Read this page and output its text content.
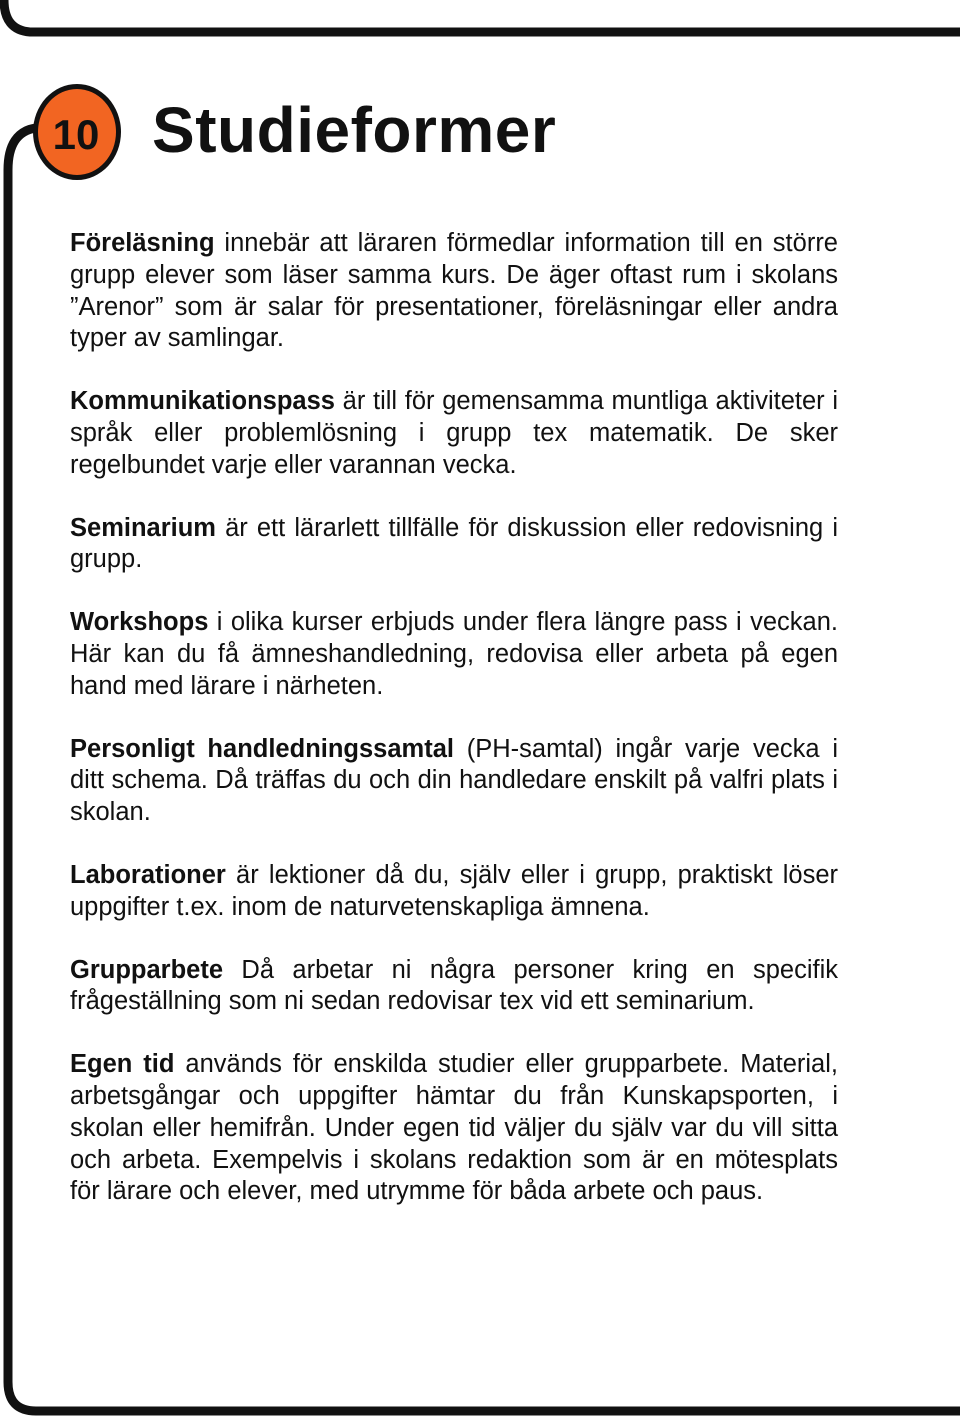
10 Studieformer

Föreläsning innebär att läraren förmedlar information till en större grupp elever som läser samma kurs. De äger oftast rum i skolans ”Arenor” som är salar för presentationer, föreläsningar eller andra typer av samlingar.

Kommunikationspass är till för gemensamma muntliga aktiviteter i språk eller problemlösning i grupp tex matematik. De sker regelbundet varje eller varannan vecka.

Seminarium är ett lärarlett tillfälle för diskussion eller redovisning i grupp.

Workshops i olika kurser erbjuds under flera längre pass i veckan. Här kan du få ämneshandledning, redovisa eller arbeta på egen hand med lärare i närheten.

Personligt handledningssamtal (PH-samtal) ingår varje vecka i ditt schema. Då träffas du och din handledare enskilt på valfri plats i skolan.

Laborationer är lektioner då du, själv eller i grupp, praktiskt löser uppgifter t.ex. inom de naturvetenskapliga ämnena.

Grupparbete Då arbetar ni några personer kring en specifik frågeställning som ni sedan redovisar tex vid ett seminarium.

Egen tid används för enskilda studier eller grupparbete. Material, arbetsgångar och uppgifter hämtar du från Kunskapsporten, i skolan eller hemifrån. Under egen tid väljer du själv var du vill sitta och arbeta. Exempelvis i skolans redaktion som är en mötesplats för lärare och elever, med utrymme för båda arbete och paus.
